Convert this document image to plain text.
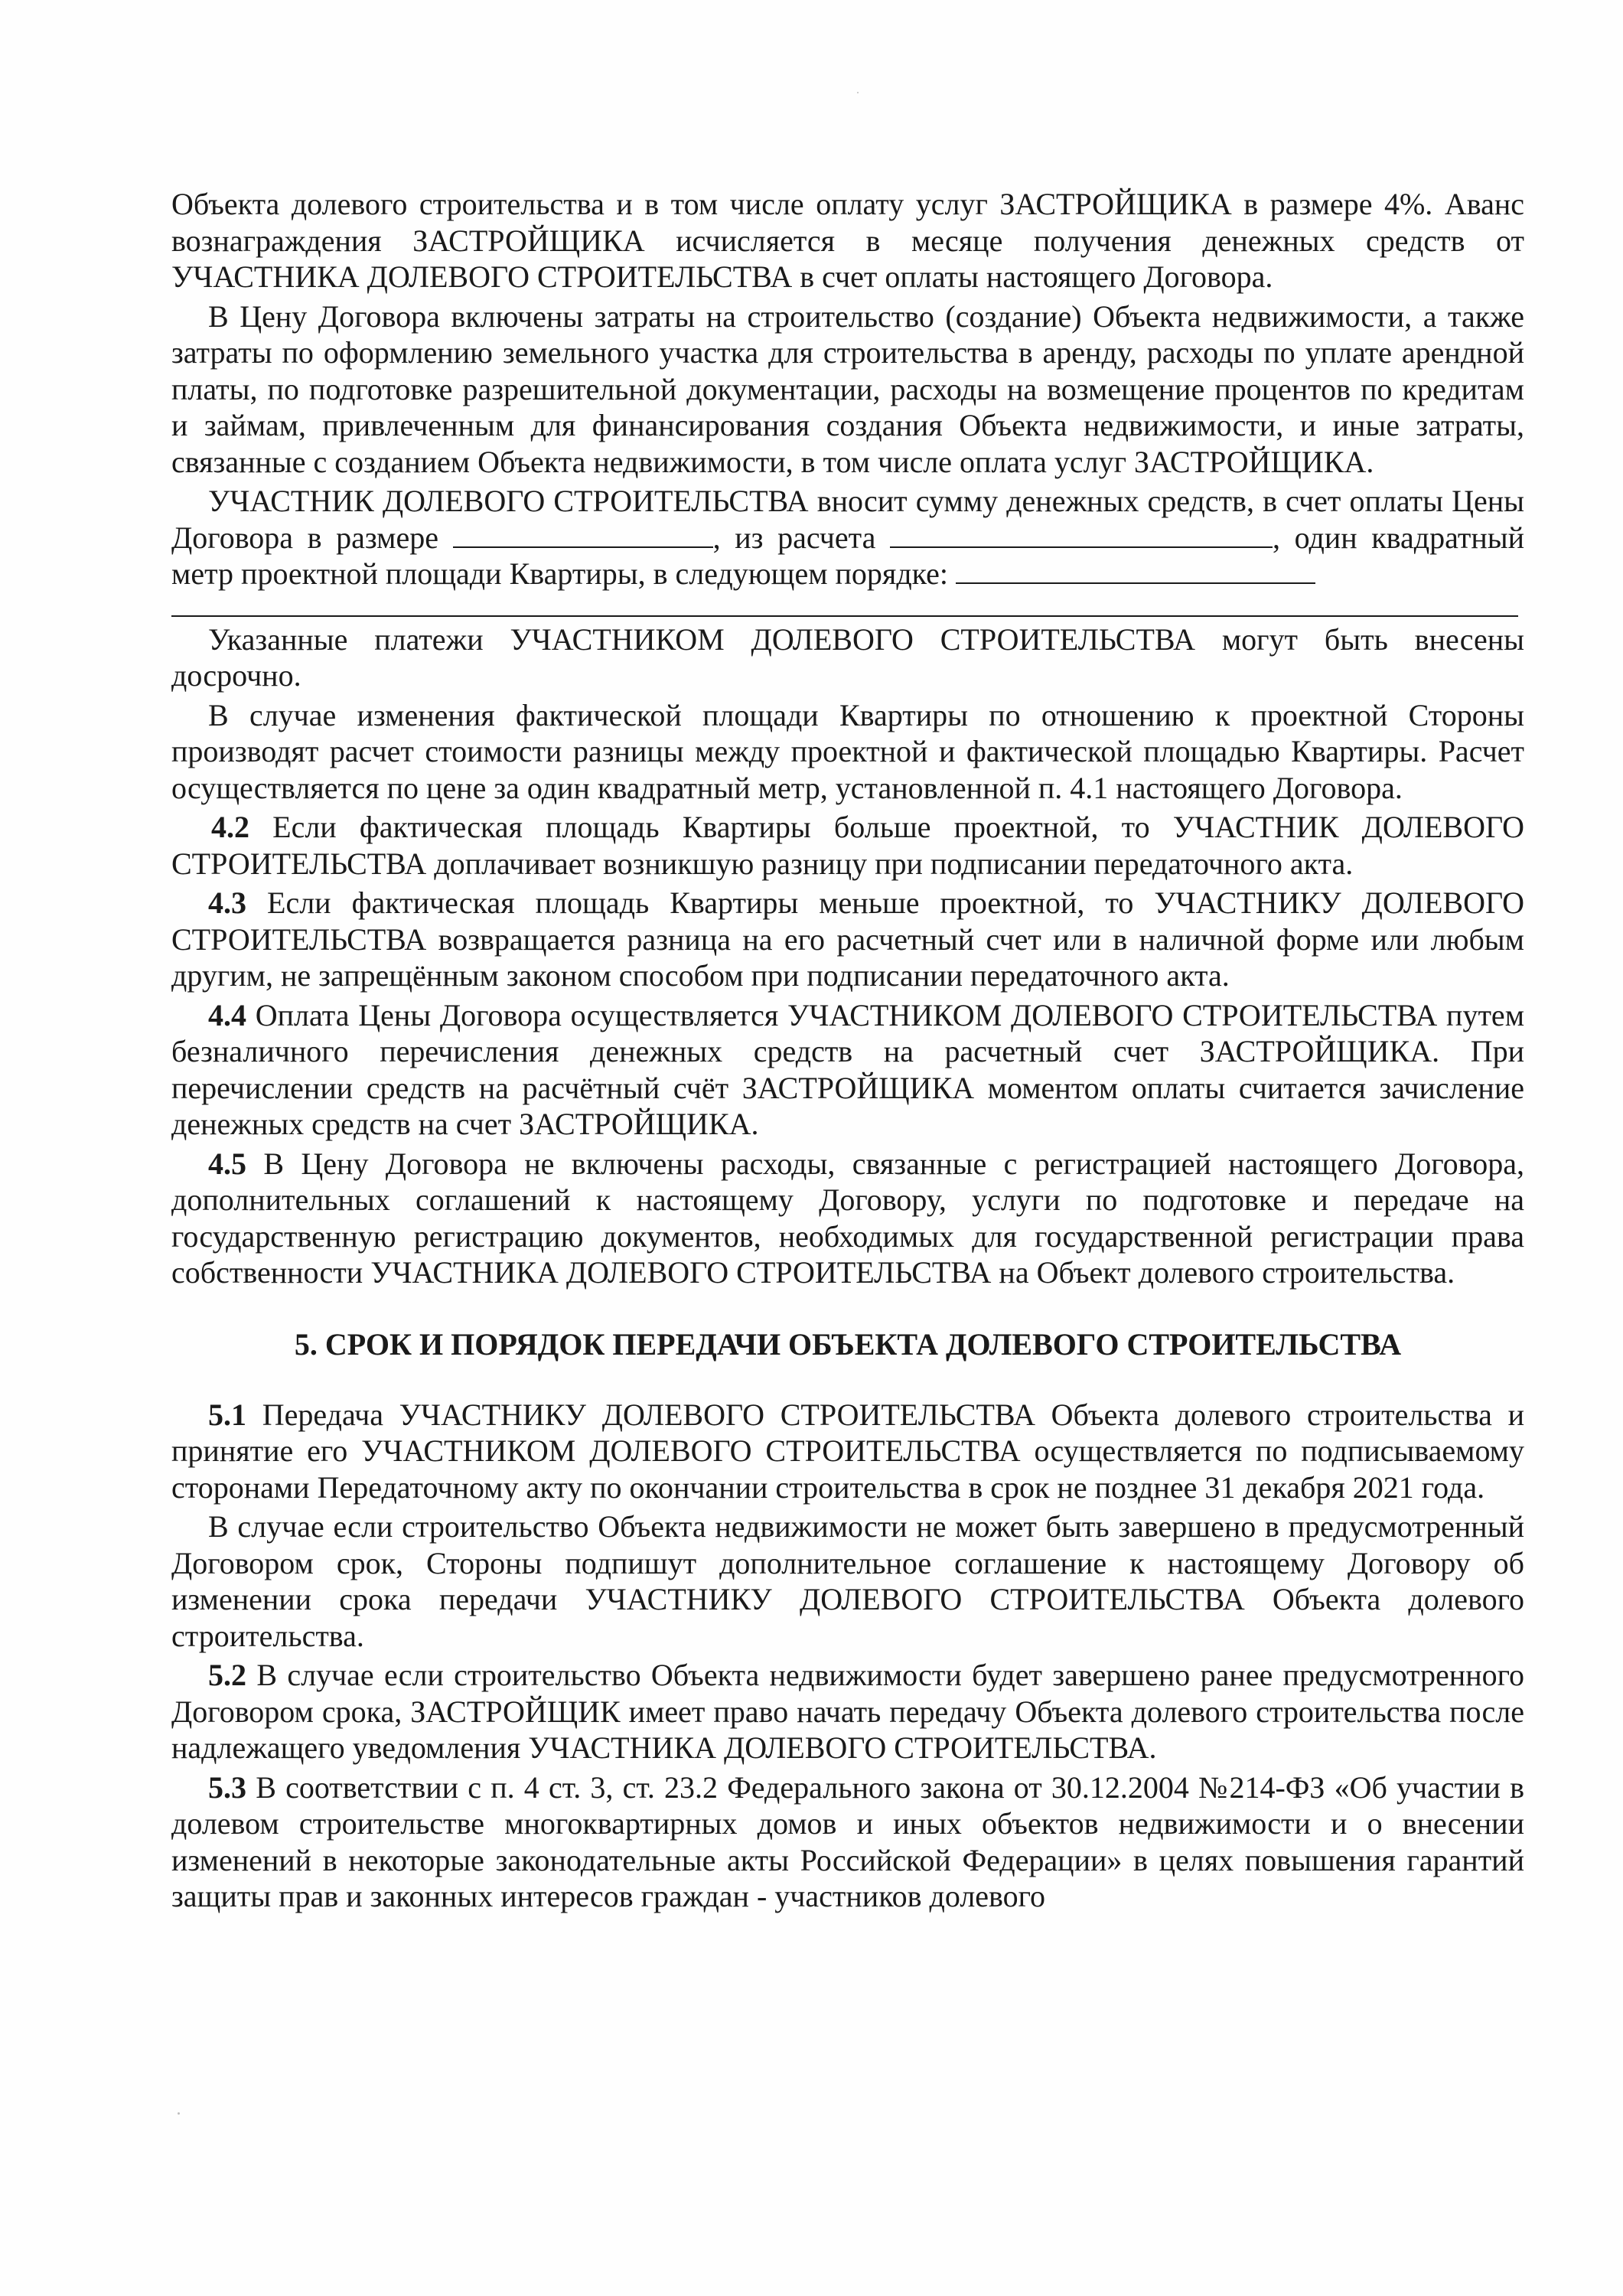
Объекта долевого строительства и в том числе оплату услуг ЗАСТРОЙЩИКА в размере 4%. Аванс вознаграждения ЗАСТРОЙЩИКА исчисляется в месяце получения денежных средств от УЧАСТНИКА ДОЛЕВОГО СТРОИТЕЛЬСТВА в счет оплаты настоящего Договора.

В Цену Договора включены затраты на строительство (создание) Объекта недвижимости, а также затраты по оформлению земельного участка для строительства в аренду, расходы по уплате арендной платы, по подготовке разрешительной документации, расходы на возмещение процентов по кредитам и займам, привлеченным для финансирования создания Объекта недвижимости, и иные затраты, связанные с созданием Объекта недвижимости, в том числе оплата услуг ЗАСТРОЙЩИКА.

УЧАСТНИК ДОЛЕВОГО СТРОИТЕЛЬСТВА вносит сумму денежных средств, в счет оплаты Цены Договора в размере	, из расчета	, один квадратный метр проектной площади Квартиры, в следующем порядке:

Указанные платежи УЧАСТНИКОМ ДОЛЕВОГО СТРОИТЕЛЬСТВА могут быть внесены досрочно.

В случае изменения фактической площади Квартиры по отношению к проектной Стороны производят расчет стоимости разницы между проектной и фактической площадью Квартиры. Расчет осуществляется по цене за один квадратный метр, установленной п. 4.1 настоящего Договора.

4.2 Если фактическая площадь Квартиры больше проектной, то УЧАСТНИК ДОЛЕВОГО СТРОИТЕЛЬСТВА доплачивает возникшую разницу при подписании передаточного акта.

4.3 Если фактическая площадь Квартиры меньше проектной, то УЧАСТНИКУ ДОЛЕВОГО СТРОИТЕЛЬСТВА возвращается разница на его расчетный счет или в наличной форме или любым другим, не запрещённым законом способом при подписании передаточного акта.

4.4 Оплата Цены Договора осуществляется УЧАСТНИКОМ ДОЛЕВОГО СТРОИТЕЛЬСТВА путем безналичного перечисления денежных средств на расчетный счет ЗАСТРОЙЩИКА. При перечислении средств на расчётный счёт ЗАСТРОЙЩИКА моментом оплаты считается зачисление денежных средств на счет ЗАСТРОЙЩИКА.

4.5 В Цену Договора не включены расходы, связанные с регистрацией настоящего Договора, дополнительных соглашений к настоящему Договору, услуги по подготовке и передаче на государственную регистрацию документов, необходимых для государственной регистрации права собственности УЧАСТНИКА ДОЛЕВОГО СТРОИТЕЛЬСТВА на Объект долевого строительства.

5. СРОК И ПОРЯДОК ПЕРЕДАЧИ ОБЪЕКТА ДОЛЕВОГО СТРОИТЕЛЬСТВА

5.1 Передача УЧАСТНИКУ ДОЛЕВОГО СТРОИТЕЛЬСТВА Объекта долевого строительства и принятие его УЧАСТНИКОМ ДОЛЕВОГО СТРОИТЕЛЬСТВА осуществляется по подписываемому сторонами Передаточному акту по окончании строительства в срок не позднее 31 декабря 2021 года.

В случае если строительство Объекта недвижимости не может быть завершено в предусмотренный Договором срок, Стороны подпишут дополнительное соглашение к настоящему Договору об изменении срока передачи УЧАСТНИКУ ДОЛЕВОГО СТРОИТЕЛЬСТВА Объекта долевого строительства.

5.2 В случае если строительство Объекта недвижимости будет завершено ранее предусмотренного Договором срока, ЗАСТРОЙЩИК имеет право начать передачу Объекта долевого строительства после надлежащего уведомления УЧАСТНИКА ДОЛЕВОГО СТРОИТЕЛЬСТВА.

5.3 В соответствии с п. 4 ст. 3, ст. 23.2 Федерального закона от 30.12.2004 №214-ФЗ «Об участии в долевом строительстве многоквартирных домов и иных объектов недвижимости и о внесении изменений в некоторые законодательные акты Российской Федерации» в целях повышения гарантий защиты прав и законных интересов граждан - участников долевого
